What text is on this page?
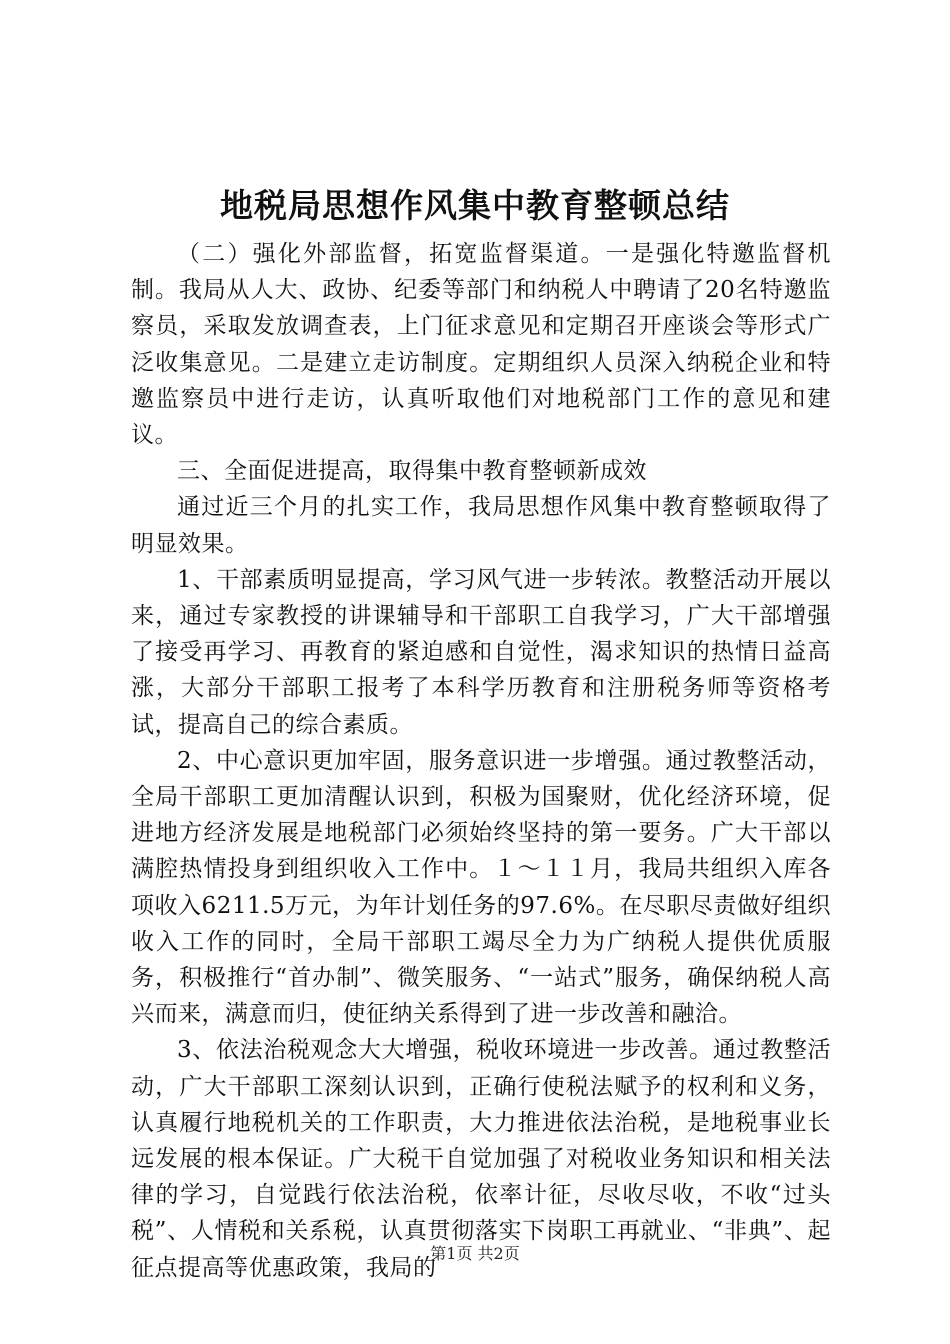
地税局思想作风集中教育整顿总结

（二）强化外部监督，拓宽监督渠道。一是强化特邀监督机制。我局从人大、政协、纪委等部门和纳税人中聘请了20名特邀监察员，采取发放调查表，上门征求意见和定期召开座谈会等形式广泛收集意见。二是建立走访制度。定期组织人员深入纳税企业和特邀监察员中进行走访，认真听取他们对地税部门工作的意见和建议。

三、全面促进提高，取得集中教育整顿新成效

通过近三个月的扎实工作，我局思想作风集中教育整顿取得了明显效果。

1、干部素质明显提高，学习风气进一步转浓。教整活动开展以来，通过专家教授的讲课辅导和干部职工自我学习，广大干部增强了接受再学习、再教育的紧迫感和自觉性，渴求知识的热情日益高涨，大部分干部职工报考了本科学历教育和注册税务师等资格考试，提高自己的综合素质。

2、中心意识更加牢固，服务意识进一步增强。通过教整活动，全局干部职工更加清醒认识到，积极为国聚财，优化经济环境，促进地方经济发展是地税部门必须始终坚持的第一要务。广大干部以满腔热情投身到组织收入工作中。１～１１月，我局共组织入库各项收入6211.5万元，为年计划任务的97.6%。在尽职尽责做好组织收入工作的同时，全局干部职工竭尽全力为广纳税人提供优质服务，积极推行“首办制”、微笑服务、“一站式”服务，确保纳税人高兴而来，满意而归，使征纳关系得到了进一步改善和融洽。

3、依法治税观念大大增强，税收环境进一步改善。通过教整活动，广大干部职工深刻认识到，正确行使税法赋予的权利和义务，认真履行地税机关的工作职责，大力推进依法治税，是地税事业长远发展的根本保证。广大税干自觉加强了对税收业务知识和相关法律的学习，自觉践行依法治税，依率计征，尽收尽收，不收“过头税”、人情税和关系税，认真贯彻落实下岗职工再就业、“非典”、起征点提高等优惠政策，我局的

第1页 共2页
